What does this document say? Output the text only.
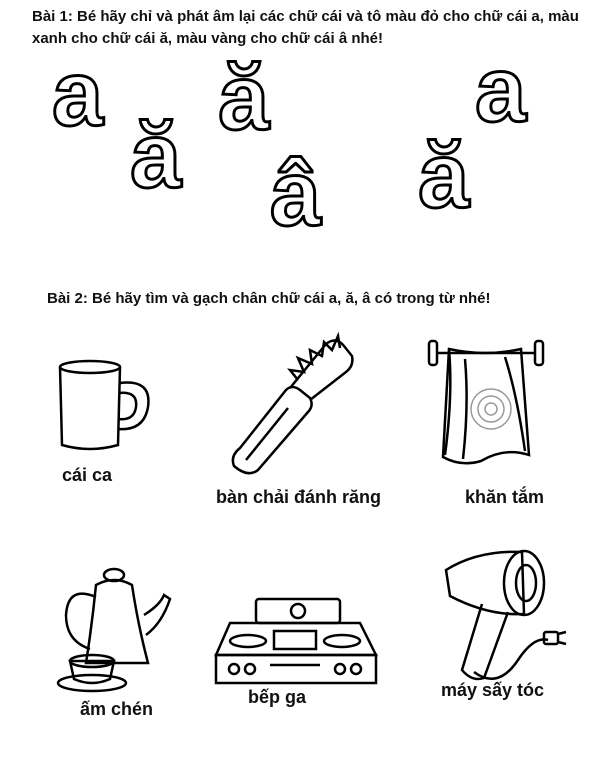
Bài 1: Bé hãy chỉ và phát âm lại các chữ cái và tô màu đỏ cho chữ cái a, màu xanh cho chữ cái ă, màu vàng cho chữ cái â nhé!
a
ă
ă
â
a
ă
Bài 2: Bé hãy tìm và gạch chân chữ cái a, ă, â có trong từ nhé!
cái ca
bàn chải đánh răng	khăn tắm
ấm chén
bếp ga	máy sấy tóc
